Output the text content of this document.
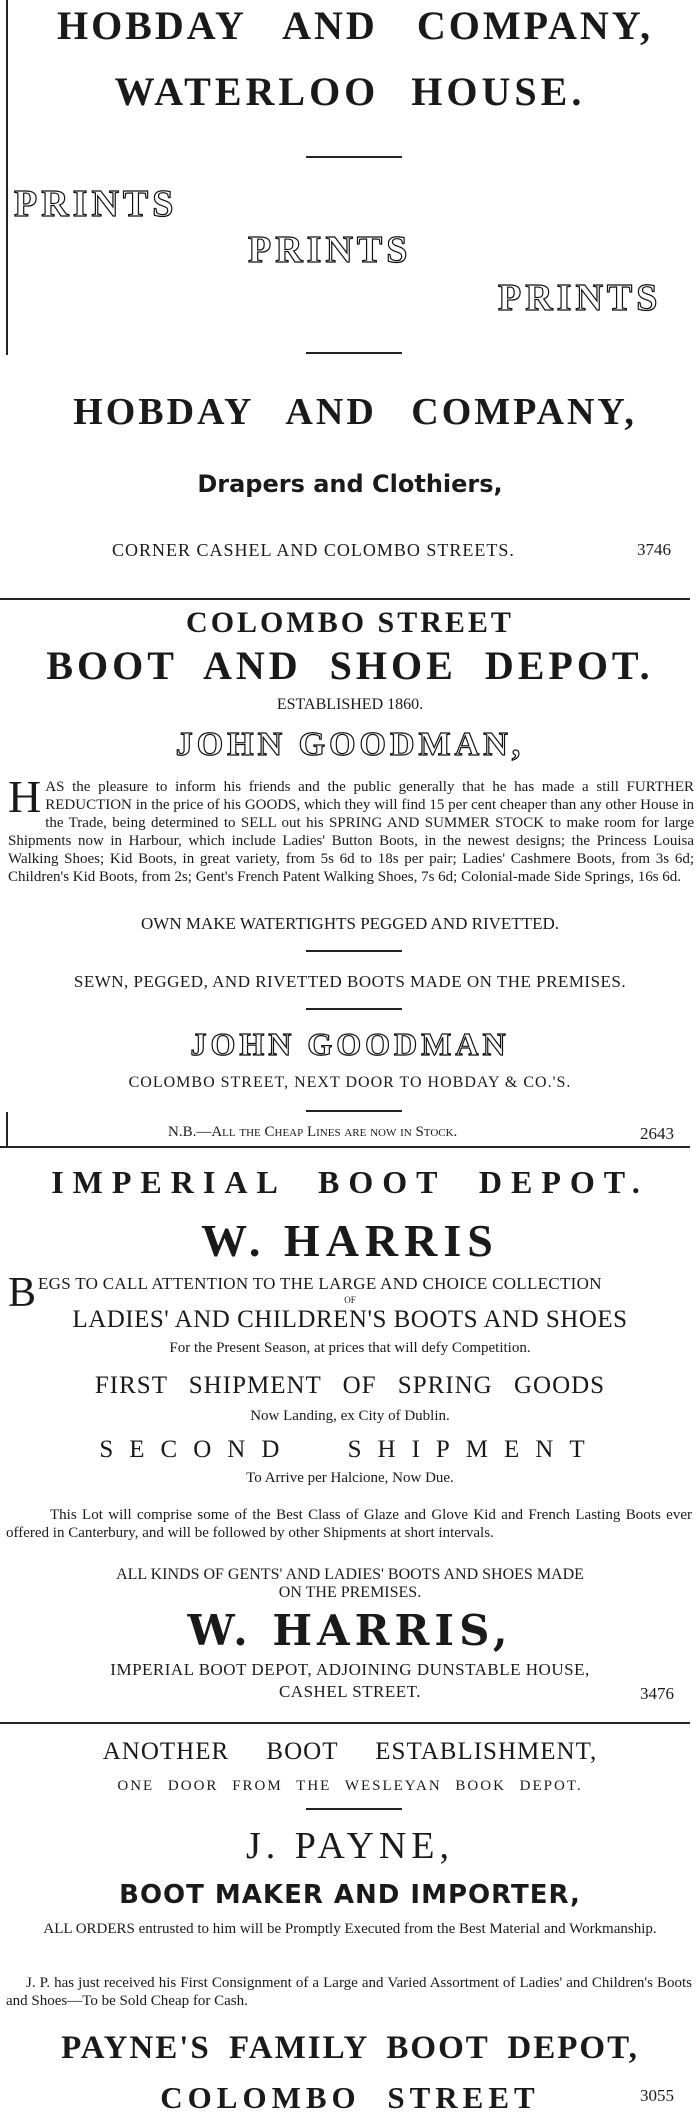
HOBDAY AND COMPANY,
WATERLOO HOUSE.
PRINTS
PRINTS
PRINTS
HOBDAY AND COMPANY,
Drapers and Clothiers,
CORNER CASHEL AND COLOMBO STREETS.	3746
COLOMBO STREET
BOOT AND SHOE DEPOT.
ESTABLISHED 1860.
JOHN GOODMAN,
HAS the pleasure to inform his friends and the public generally that he has made a still FURTHER REDUCTION in the price of his GOODS, which they will find 15 per cent cheaper than any other House in the Trade, being determined to SELL out his SPRING AND SUMMER STOCK to make room for large Shipments now in Harbour, which include Ladies' Button Boots, in the newest designs; the Princess Louisa Walking Shoes; Kid Boots, in great variety, from 5s 6d to 18s per pair; Ladies' Cashmere Boots, from 3s 6d; Children's Kid Boots, from 2s; Gent's French Patent Walking Shoes, 7s 6d; Colonial-made Side Springs, 16s 6d.
OWN MAKE WATERTIGHTS PEGGED AND RIVETTED.
SEWN, PEGGED, AND RIVETTED BOOTS MADE ON THE PREMISES.
JOHN GOODMAN
COLOMBO STREET, NEXT DOOR TO HOBDAY & CO.'S.
N.B.—All the Cheap Lines are now in Stock.	2643
IMPERIAL BOOT DEPOT.
W. HARRIS
B EGS TO CALL ATTENTION TO THE LARGE AND CHOICE COLLECTION
OF
LADIES' AND CHILDREN'S BOOTS AND SHOES
For the Present Season, at prices that will defy Competition.
FIRST SHIPMENT OF SPRING GOODS
Now Landing, ex City of Dublin.
SECOND SHIPMENT
To Arrive per Halcione, Now Due.
This Lot will comprise some of the Best Class of Glaze and Glove Kid and French Lasting Boots ever offered in Canterbury, and will be followed by other Shipments at short intervals.
ALL KINDS OF GENTS' AND LADIES' BOOTS AND SHOES MADE
ON THE PREMISES.
W. HARRIS,
IMPERIAL BOOT DEPOT, ADJOINING DUNSTABLE HOUSE,
CASHEL STREET.	3476
ANOTHER BOOT ESTABLISHMENT,
ONE DOOR FROM THE WESLEYAN BOOK DEPOT.
J. PAYNE,
BOOT MAKER AND IMPORTER,
ALL ORDERS entrusted to him will be Promptly Executed from the Best Material and Workmanship.
J. P. has just received his First Consignment of a Large and Varied Assortment of Ladies' and Children's Boots and Shoes—To be Sold Cheap for Cash.
PAYNE'S FAMILY BOOT DEPOT,
COLOMBO STREET	3055
